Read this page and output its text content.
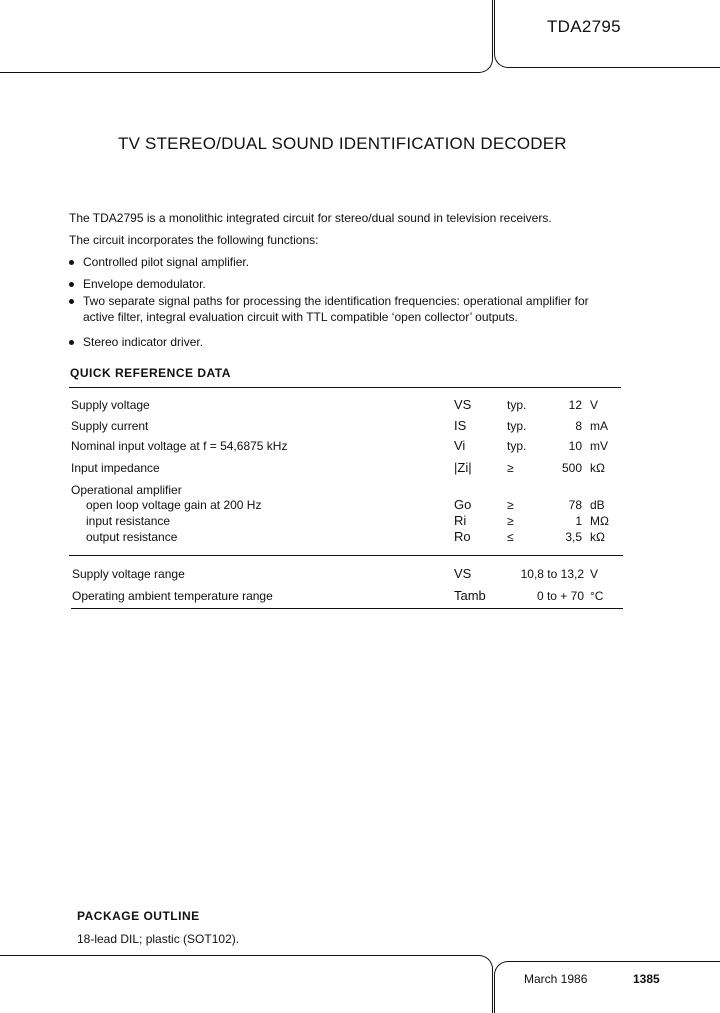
TDA2795
TV STEREO/DUAL SOUND IDENTIFICATION DECODER
The TDA2795 is a monolithic integrated circuit for stereo/dual sound in television receivers.
The circuit incorporates the following functions:
Controlled pilot signal amplifier.
Envelope demodulator.
Two separate signal paths for processing the identification frequencies: operational amplifier for
active filter, integral evaluation circuit with TTL compatible ‘open collector’ outputs.
Stereo indicator driver.
QUICK REFERENCE DATA
Supply voltage	VS	typ.	12 V
Supply current	IS	typ.	8 mA
Nominal input voltage at f = 54,6875 kHz	Vi	typ.	10 mV
Input impedance	|Zi|	≥	500 kΩ
Operational amplifier
open loop voltage gain at 200 Hz	Go	≥	78 dB
input resistance	Ri	≥	1 MΩ
output resistance	Ro	≤	3,5 kΩ
Supply voltage range	VS	10,8 to 13,2 V
Operating ambient temperature range	Tamb	0 to + 70 °C
PACKAGE OUTLINE
18-lead DIL; plastic (SOT102).
March 1986	1385
